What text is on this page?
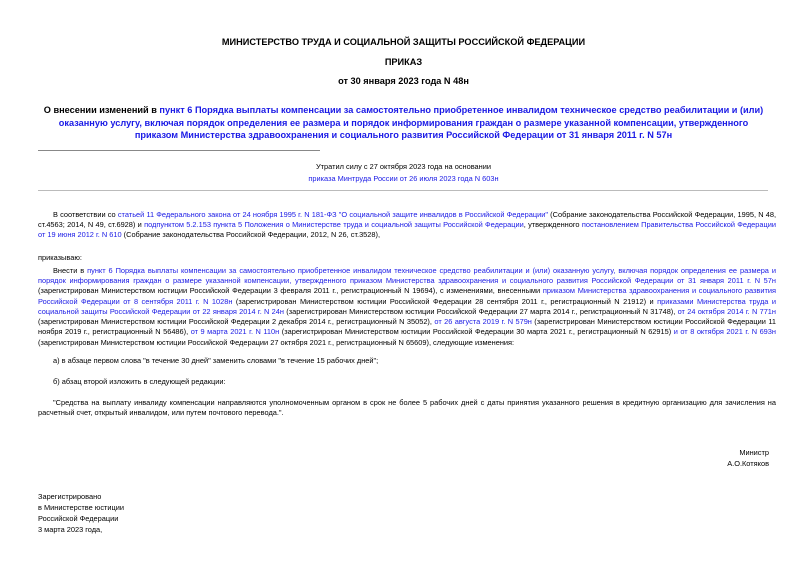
МИНИСТЕРСТВО ТРУДА И СОЦИАЛЬНОЙ ЗАЩИТЫ РОССИЙСКОЙ ФЕДЕРАЦИИ
ПРИКАЗ
от 30 января 2023 года N 48н
О внесении изменений в пункт 6 Порядка выплаты компенсации за самостоятельно приобретенное инвалидом техническое средство реабилитации и (или) оказанную услугу, включая порядок определения ее размера и порядок информирования граждан о размере указанной компенсации, утвержденного приказом Министерства здравоохранения и социального развития Российской Федерации от 31 января 2011 г. N 57н
Утратил силу с 27 октября 2023 года на основании
приказа Минтруда России от 26 июля 2023 года N 603н
В соответствии со статьей 11 Федерального закона от 24 ноября 1995 г. N 181-ФЗ "О социальной защите инвалидов в Российской Федерации" (Собрание законодательства Российской Федерации, 1995, N 48, ст.4563; 2014, N 49, ст.6928) и подпунктом 5.2.153 пункта 5 Положения о Министерстве труда и социальной защиты Российской Федерации, утвержденного постановлением Правительства Российской Федерации от 19 июня 2012 г. N 610 (Собрание законодательства Российской Федерации, 2012, N 26, ст.3528),
приказываю:
Внести в пункт 6 Порядка выплаты компенсации за самостоятельно приобретенное инвалидом техническое средство реабилитации и (или) оказанную услугу, включая порядок определения ее размера и порядок информирования граждан о размере указанной компенсации, утвержденного приказом Министерства здравоохранения и социального развития Российской Федерации от 31 января 2011 г. N 57н (зарегистрирован Министерством юстиции Российской Федерации 3 февраля 2011 г., регистрационный N 19694), с изменениями, внесенными приказом Министерства здравоохранения и социального развития Российской Федерации от 8 сентября 2011 г. N 1028н (зарегистрирован Министерством юстиции Российской Федерации 28 сентября 2011 г., регистрационный N 21912) и приказами Министерства труда и социальной защиты Российской Федерации от 22 января 2014 г. N 24н (зарегистрирован Министерством юстиции Российской Федерации 27 марта 2014 г., регистрационный N 31748), от 24 октября 2014 г. N 771н (зарегистрирован Министерством юстиции Российской Федерации 2 декабря 2014 г., регистрационный N 35052), от 26 августа 2019 г. N 579н (зарегистрирован Министерством юстиции Российской Федерации 11 ноября 2019 г., регистрационный N 56486), от 9 марта 2021 г. N 110н (зарегистрирован Министерством юстиции Российской Федерации 30 марта 2021 г., регистрационный N 62915) и от 8 октября 2021 г. N 693н (зарегистрирован Министерством юстиции Российской Федерации 27 октября 2021 г., регистрационный N 65609), следующие изменения:
а) в абзаце первом слова "в течение 30 дней" заменить словами "в течение 15 рабочих дней";
б) абзац второй изложить в следующей редакции:
"Средства на выплату инвалиду компенсации направляются уполномоченным органом в срок не более 5 рабочих дней с даты принятия указанного решения в кредитную организацию для зачисления на расчетный счет, открытый инвалидом, или путем почтового перевода.".
Министр
А.О.Котяков
Зарегистрировано
в Министерстве юстиции
Российской Федерации
3 марта 2023 года,
